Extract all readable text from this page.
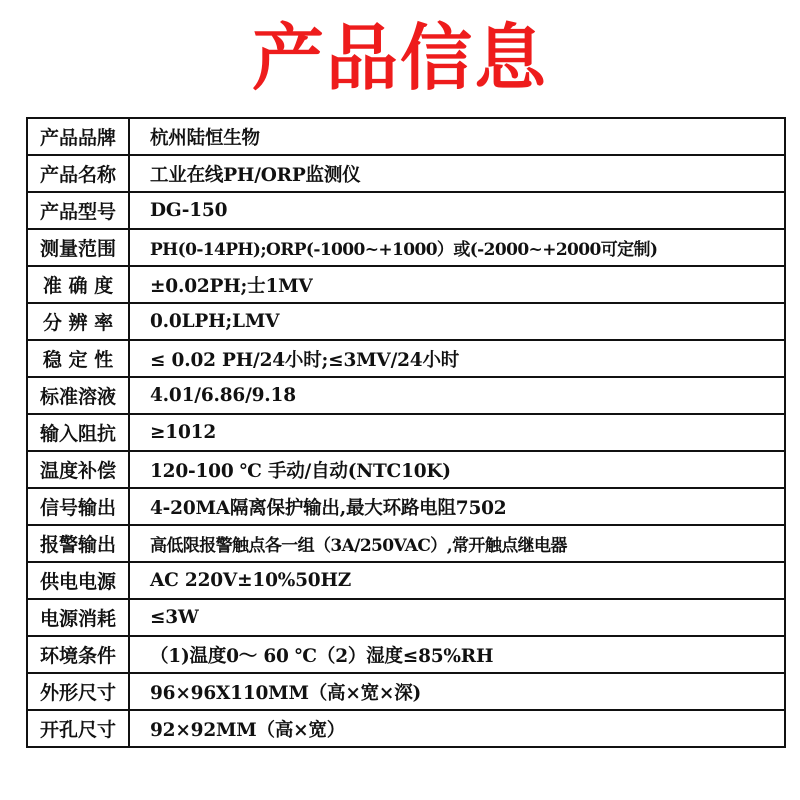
产品信息
产品品牌	杭州陆恒生物
产品名称	工业在线PH/ORP监测仪
产品型号	DG-150
测量范围	PH(0-14PH);ORP(-1000~+1000）或(-2000~+2000可定制)
准 确 度	±0.02PH;士1MV
分 辨 率	0.0LPH;LMV
稳 定 性	≤ 0.02 PH/24小时;≤3MV/24小时
标准溶液	4.01/6.86/9.18
输入阻抗	≥1012
温度补偿	120-100 ℃ 手动/自动(NTC10K)
信号输出	4-20MA隔离保护输出,最大环路电阻7502
报警输出	高低限报警触点各一组（3A/250VAC）,常开触点继电器
供电电源	AC 220V±10%50HZ
电源消耗	≤3W
环境条件	（1)温度0～ 60 ℃（2）湿度≤85%RH
外形尺寸	96×96X110MM（高×宽×深)
开孔尺寸	92×92MM（高×宽）
